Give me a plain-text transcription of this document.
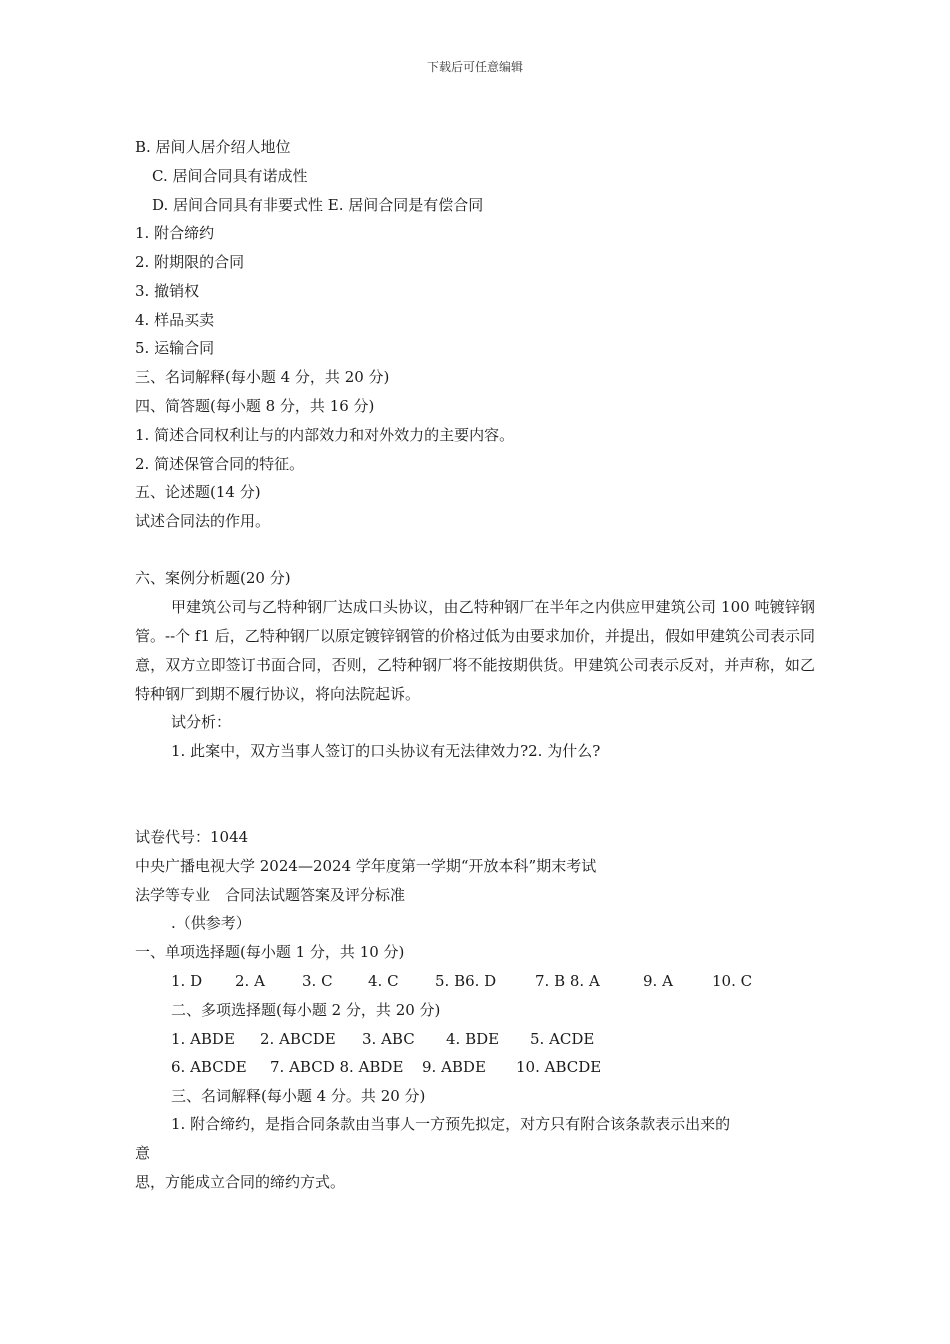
下载后可任意编辑
B. 居间人居介绍人地位
C. 居间合同具有诺成性
D. 居间合同具有非要式性 E. 居间合同是有偿合同
1. 附合缔约
2. 附期限的合同
3. 撤销权
4. 样品买卖
5. 运输合同
三、名词解释(每小题 4 分，共 20 分)
四、简答题(每小题 8 分，共 16 分)
1. 简述合同权利让与的内部效力和对外效力的主要内容。
2. 简述保管合同的特征。
五、论述题(14 分)
试述合同法的作用。
六、案例分析题(20 分)
甲建筑公司与乙特种钢厂达成口头协议，由乙特种钢厂在半年之内供应甲建筑公司 100 吨镀锌钢管。--个 f1 后，乙特种钢厂以原定镀锌钢管的价格过低为由要求加价，并提出，假如甲建筑公司表示同意，双方立即签订书面合同，否则，乙特种钢厂将不能按期供货。甲建筑公司表示反对，并声称，如乙特种钢厂到期不履行协议，将向法院起诉。
试分析：
1. 此案中，双方当事人签订的口头协议有无法律效力?2. 为什么?
试卷代号：1044
中央广播电视大学 2024—2024 学年度第一学期“开放本科”期末考试
法学等专业　合同法试题答案及评分标准
.（供参考）
一、单项选择题(每小题 1 分，共 10 分)
1. D 2. A 3. C 4. C 5. B6. D	7. B 8. A	9. A	10. C
二、多项选择题(每小题 2 分，共 20 分)
1. ABDE 2. ABCDE 3. ABC 4. BDE 5. ACDE
6. ABCDE 7. ABCD 8. ABDE 9. ABDE 10. ABCDE
三、名词解释(每小题 4 分。共 20 分)
1. 附合缔约，是指合同条款由当事人一方预先拟定，对方只有附合该条款表示出来的
意
思，方能成立合同的缔约方式。
